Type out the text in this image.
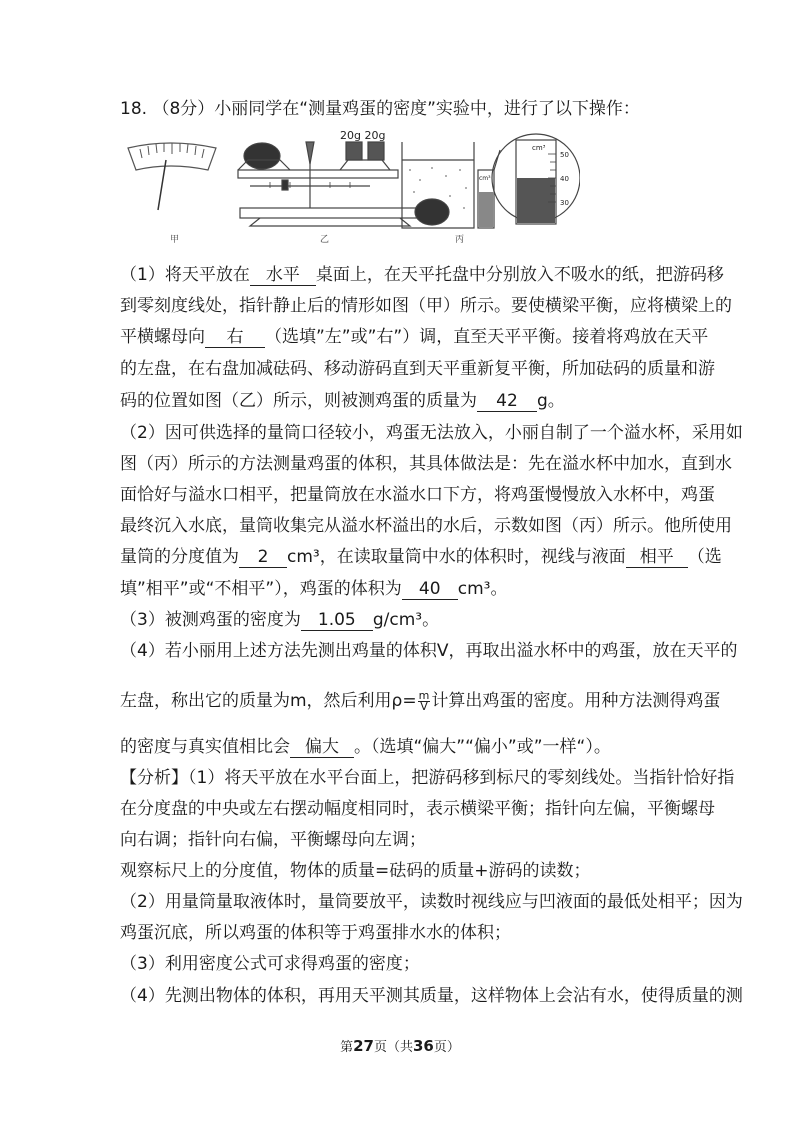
18. （8分）小丽同学在“测量鸡蛋的密度”实验中，进行了以下操作：
20g 20g
cm³
cm³
50
40
30
甲	乙	丙
（1）将天平放在 水平 桌面上，在天平托盘中分别放入不吸水的纸，把游码移
到零刻度线处，指针静止后的情形如图（甲）所示。要使横梁平衡，应将横梁上的
平横螺母向 右 （选填”左”或”右”）调，直至天平平衡。接着将鸡放在天平
的左盘，在右盘加减砝码、移动游码直到天平重新复平衡，所加砝码的质量和游
码的位置如图（乙）所示，则被测鸡蛋的质量为 42 g。
（2）因可供选择的量筒口径较小，鸡蛋无法放入，小丽自制了一个溢水杯，采用如
图（丙）所示的方法测量鸡蛋的体积，其具体做法是：先在溢水杯中加水，直到水
面恰好与溢水口相平，把量筒放在水溢水口下方，将鸡蛋慢慢放入水杯中，鸡蛋
最终沉入水底，量筒收集完从溢水杯溢出的水后，示数如图（丙）所示。他所使用
量筒的分度值为 2 cm³，在读取量筒中水的体积时，视线与液面 相平 （选
填”相平”或“不相平”），鸡蛋的体积为 40 cm³。
（3）被测鸡蛋的密度为 1.05 g/cm³。
（4）若小丽用上述方法先测出鸡量的体积V，再取出溢水杯中的鸡蛋，放在天平的
左盘，称出它的质量为m，然后利用$\rho= \frac{m}{V}$ 计算出鸡蛋的密度。用种方法测得鸡蛋
的密度与真实值相比会 偏大 。（选填“偏大”“偏小”或”一样“）。
【分析】（1）将天平放在水平台面上，把游码移到标尺的零刻线处。当指针恰好指
在分度盘的中央或左右摆动幅度相同时，表示横梁平衡；指针向左偏，平衡螺母
向右调；指针向右偏，平衡螺母向左调；
观察标尺上的分度值，物体的质量=砝码的质量+游码的读数；
（2）用量筒量取液体时，量筒要放平，读数时视线应与凹液面的最低处相平；因为
鸡蛋沉底，所以鸡蛋的体积等于鸡蛋排水水的体积；
（3）利用密度公式可求得鸡蛋的密度；
（4）先测出物体的体积，再用天平测其质量，这样物体上会沾有水，使得质量的测
第27页（共36页）
